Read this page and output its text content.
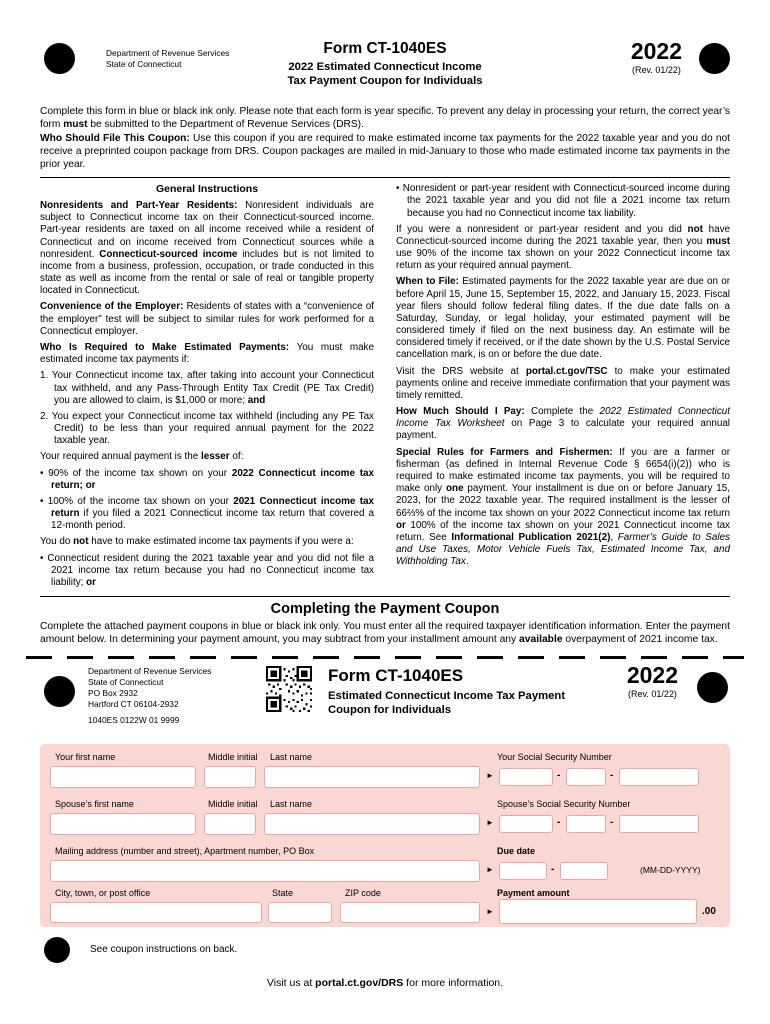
Department of Revenue Services
State of Connecticut
Form CT-1040ES
2022 Estimated Connecticut Income
Tax Payment Coupon for Individuals
2022
(Rev. 01/22)

Complete this form in blue or black ink only. Please note that each form is year specific. To prevent any delay in processing your return, the correct year’s form must be submitted to the Department of Revenue Services (DRS).

Who Should File This Coupon: Use this coupon if you are required to make estimated income tax payments for the 2022 taxable year and you do not receive a preprinted coupon package from DRS. Coupon packages are mailed in mid-January to those who made estimated income tax payments in the prior year.

General Instructions

Nonresidents and Part-Year Residents: Nonresident individuals are subject to Connecticut income tax on their Connecticut-sourced income. Part-year residents are taxed on all income received while a resident of Connecticut and on income received from Connecticut sources while a nonresident. Connecticut-sourced income includes but is not limited to income from a business, profession, occupation, or trade conducted in this state as well as income from the rental or sale of real or tangible property located in Connecticut.

Convenience of the Employer: Residents of states with a “convenience of the employer” test will be subject to similar rules for work performed for a Connecticut employer.

Who Is Required to Make Estimated Payments: You must make estimated income tax payments if:

1. Your Connecticut income tax, after taking into account your Connecticut tax withheld, and any Pass-Through Entity Tax Credit (PE Tax Credit) you are allowed to claim, is $1,000 or more; and

2. You expect your Connecticut income tax withheld (including any PE Tax Credit) to be less than your required annual payment for the 2022 taxable year.

Your required annual payment is the lesser of:

• 90% of the income tax shown on your 2022 Connecticut income tax return; or

• 100% of the income tax shown on your 2021 Connecticut income tax return if you filed a 2021 Connecticut income tax return that covered a 12-month period.

You do not have to make estimated income tax payments if you were a:

• Connecticut resident during the 2021 taxable year and you did not file a 2021 income tax return because you had no Connecticut income tax liability; or

• Nonresident or part-year resident with Connecticut-sourced income during the 2021 taxable year and you did not file a 2021 income tax return because you had no Connecticut income tax liability.

If you were a nonresident or part-year resident and you did not have Connecticut-sourced income during the 2021 taxable year, then you must use 90% of the income tax shown on your 2022 Connecticut income tax return as your required annual payment.

When to File: Estimated payments for the 2022 taxable year are due on or before April 15, June 15, September 15, 2022, and January 15, 2023. Fiscal year filers should follow federal filing dates. If the due date falls on a Saturday, Sunday, or legal holiday, your estimated payment will be considered timely if filed on the next business day. An estimate will be considered timely if received, or if the date shown by the U.S. Postal Service cancellation mark, is on or before the due date.

Visit the DRS website at portal.ct.gov/TSC to make your estimated payments online and receive immediate confirmation that your payment was timely remitted.

How Much Should I Pay: Complete the 2022 Estimated Connecticut Income Tax Worksheet on Page 3 to calculate your required annual payment.

Special Rules for Farmers and Fishermen: If you are a farmer or fisherman (as defined in Internal Revenue Code § 6654(i)(2)) who is required to make estimated income tax payments, you will be required to make only one payment. Your installment is due on or before January 15, 2023, for the 2022 taxable year. The required installment is the lesser of 66⅔% of the income tax shown on your 2022 Connecticut income tax return or 100% of the income tax shown on your 2021 Connecticut income tax return. See Informational Publication 2021(2), Farmer’s Guide to Sales and Use Taxes, Motor Vehicle Fuels Tax, Estimated Income Tax, and Withholding Tax.

Completing the Payment Coupon

Complete the attached payment coupons in blue or black ink only. You must enter all the required taxpayer identification information. Enter the payment amount below. In determining your payment amount, you may subtract from your installment amount any available overpayment of 2021 income tax.

Department of Revenue Services
State of Connecticut
PO Box 2932
Hartford CT 06104-2932
1040ES 0122W 01 9999
Form CT-1040ES
Estimated Connecticut Income Tax Payment
Coupon for Individuals
2022
(Rev. 01/22)
Your first name	Middle initial Last name	Your Social Security Number
►	-	-
Spouse’s first name	Middle initial Last name	Spouse’s Social Security Number
►	-	-
Mailing address (number and street), Apartment number, PO Box	Due date
►	-	(MM-DD-YYYY)
City, town, or post office	State	ZIP code	Payment amount
►	.00
See coupon instructions on back.

Visit us at portal.ct.gov/DRS for more information.
